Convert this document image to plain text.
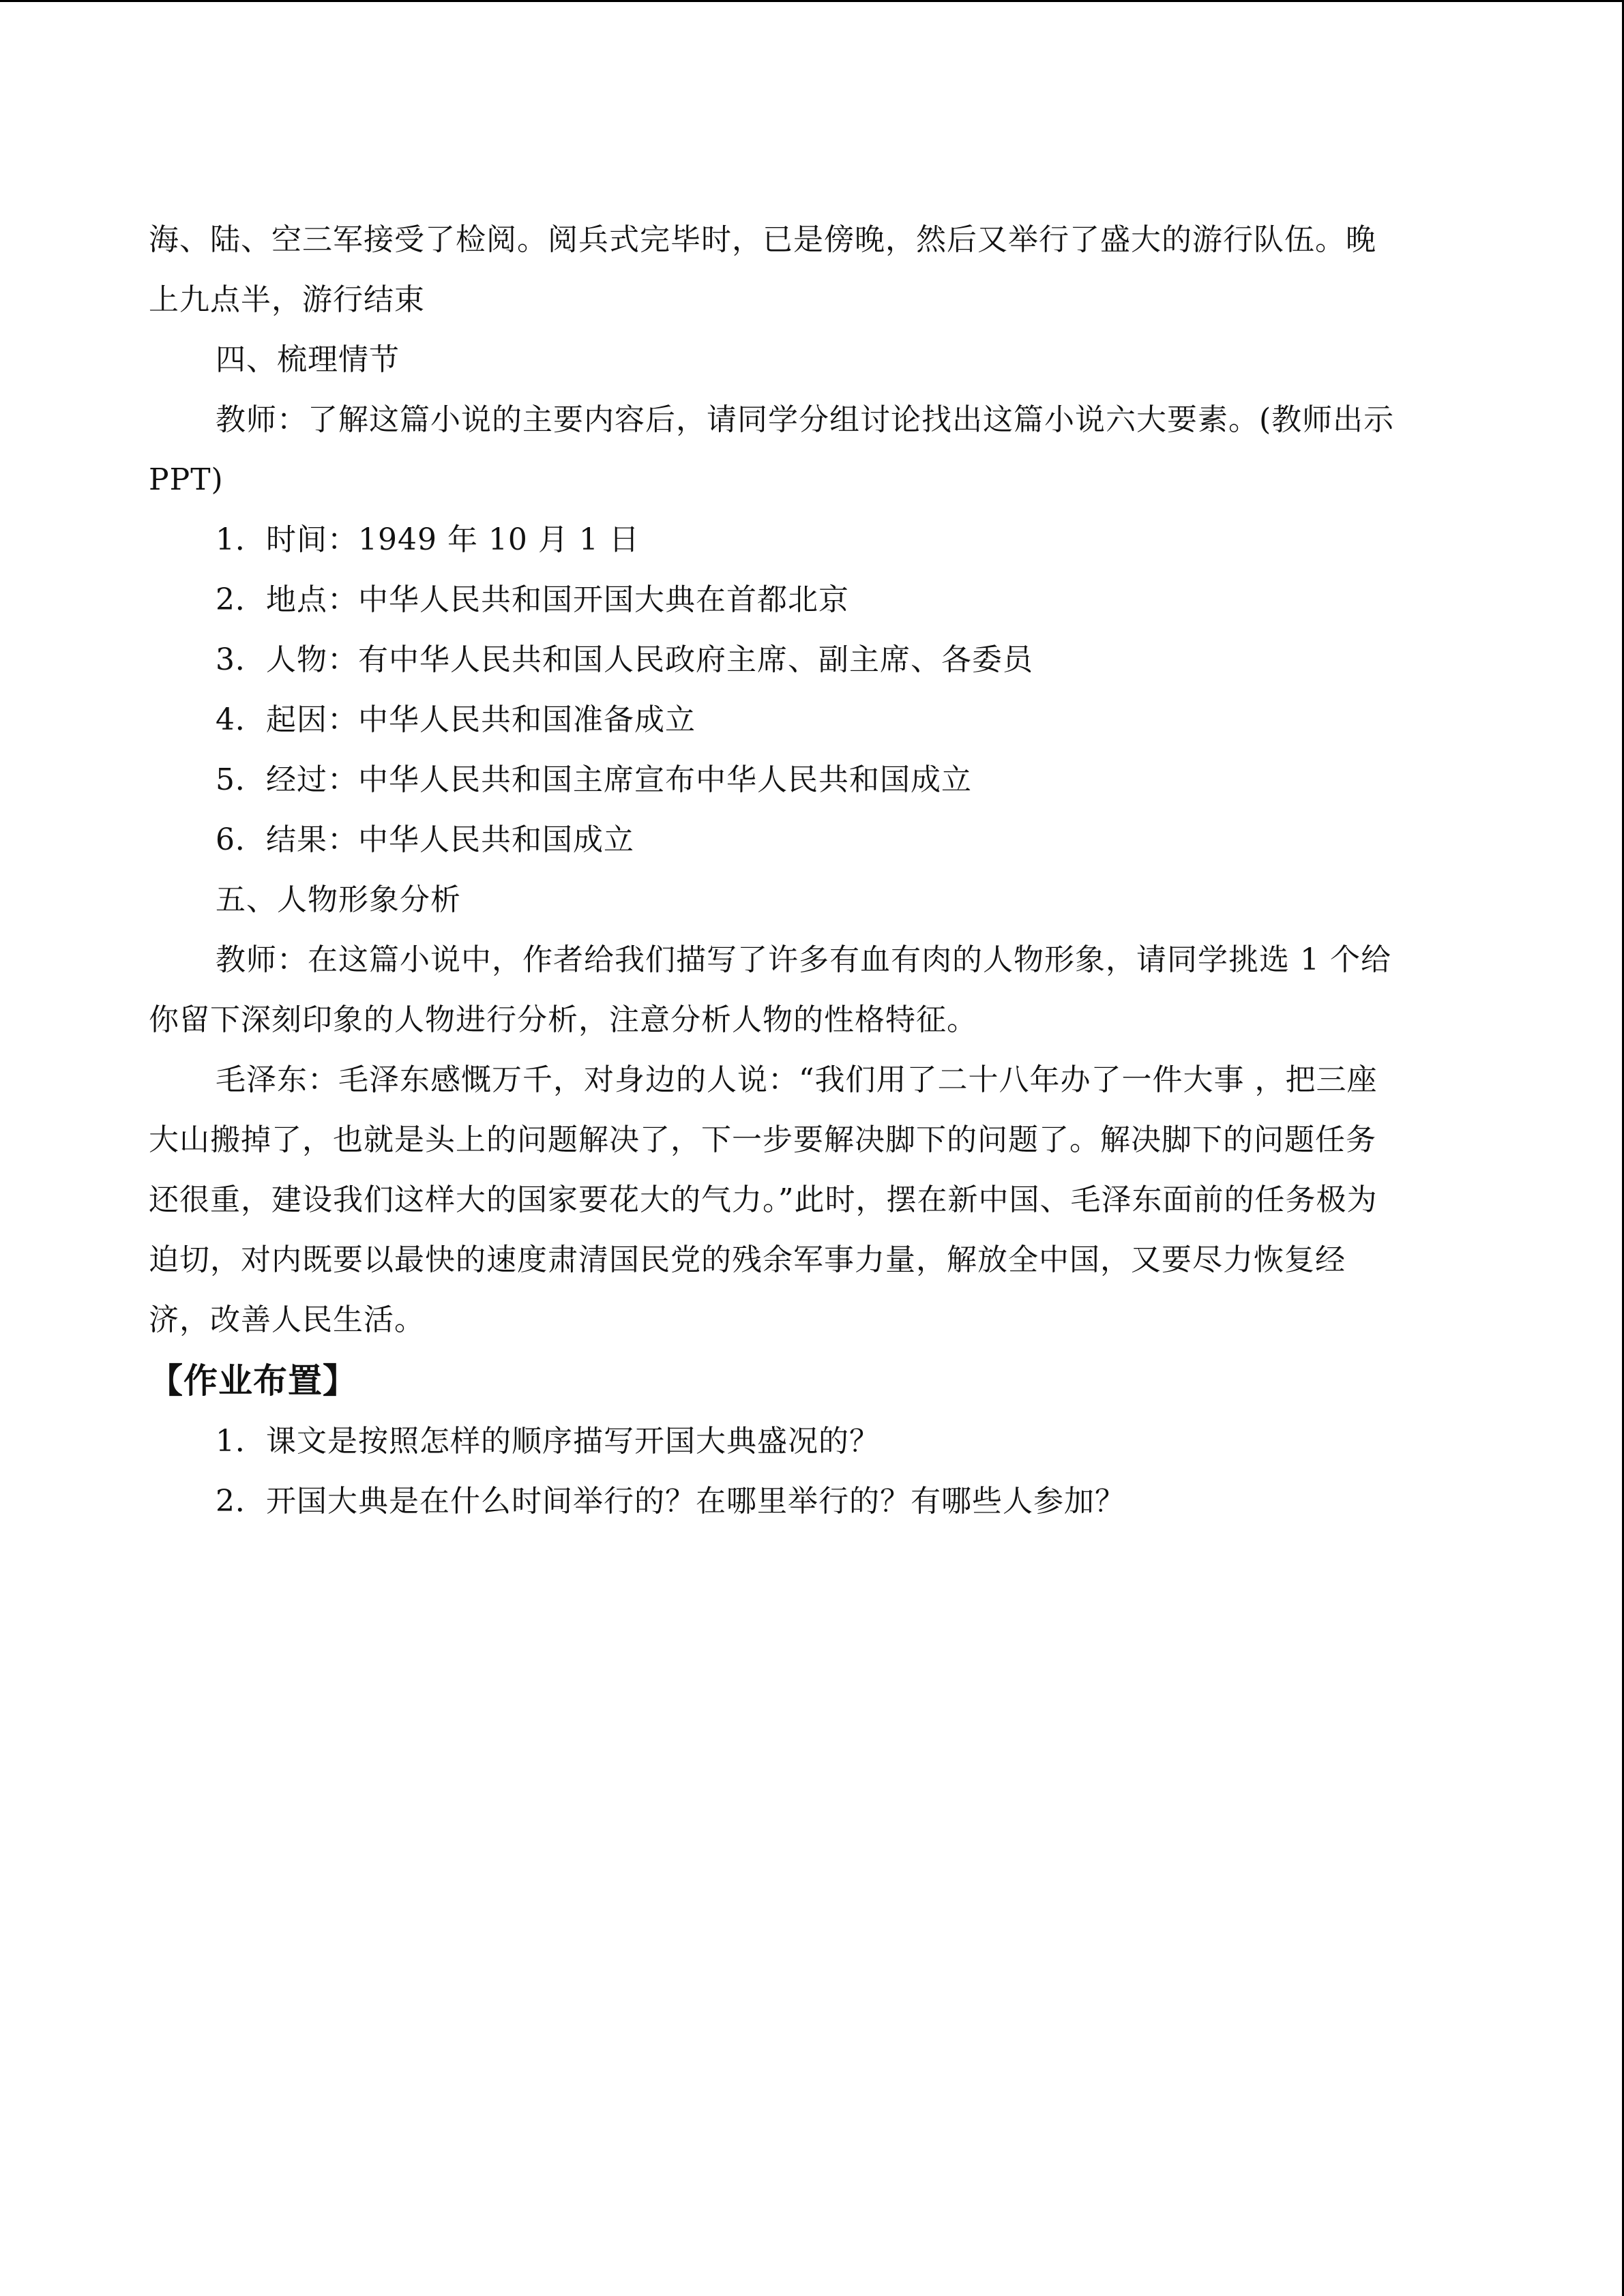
海、陆、空三军接受了检阅。阅兵式完毕时，已是傍晚，然后又举行了盛大的游行队伍。晚
上九点半，游行结束

四、梳理情节

教师：了解这篇小说的主要内容后，请同学分组讨论找出这篇小说六大要素。(教师出示
PPT)

1．时间：1949 年 10 月 1 日

2．地点：中华人民共和国开国大典在首都北京

3．人物：有中华人民共和国人民政府主席、副主席、各委员

4．起因：中华人民共和国准备成立

5．经过：中华人民共和国主席宣布中华人民共和国成立

6．结果：中华人民共和国成立

五、人物形象分析

教师：在这篇小说中，作者给我们描写了许多有血有肉的人物形象，请同学挑选 1 个给
你留下深刻印象的人物进行分析，注意分析人物的性格特征。

毛泽东：毛泽东感慨万千，对身边的人说：“我们用了二十八年办了一件大事 ，把三座
大山搬掉了，也就是头上的问题解决了，下一步要解决脚下的问题了。解决脚下的问题任务
还很重，建设我们这样大的国家要花大的气力。”此时，摆在新中国、毛泽东面前的任务极为
迫切，对内既要以最快的速度肃清国民党的残余军事力量，解放全中国，又要尽力恢复经
济，改善人民生活。

【作业布置】

1．课文是按照怎样的顺序描写开国大典盛况的？

2．开国大典是在什么时间举行的？在哪里举行的？有哪些人参加？
